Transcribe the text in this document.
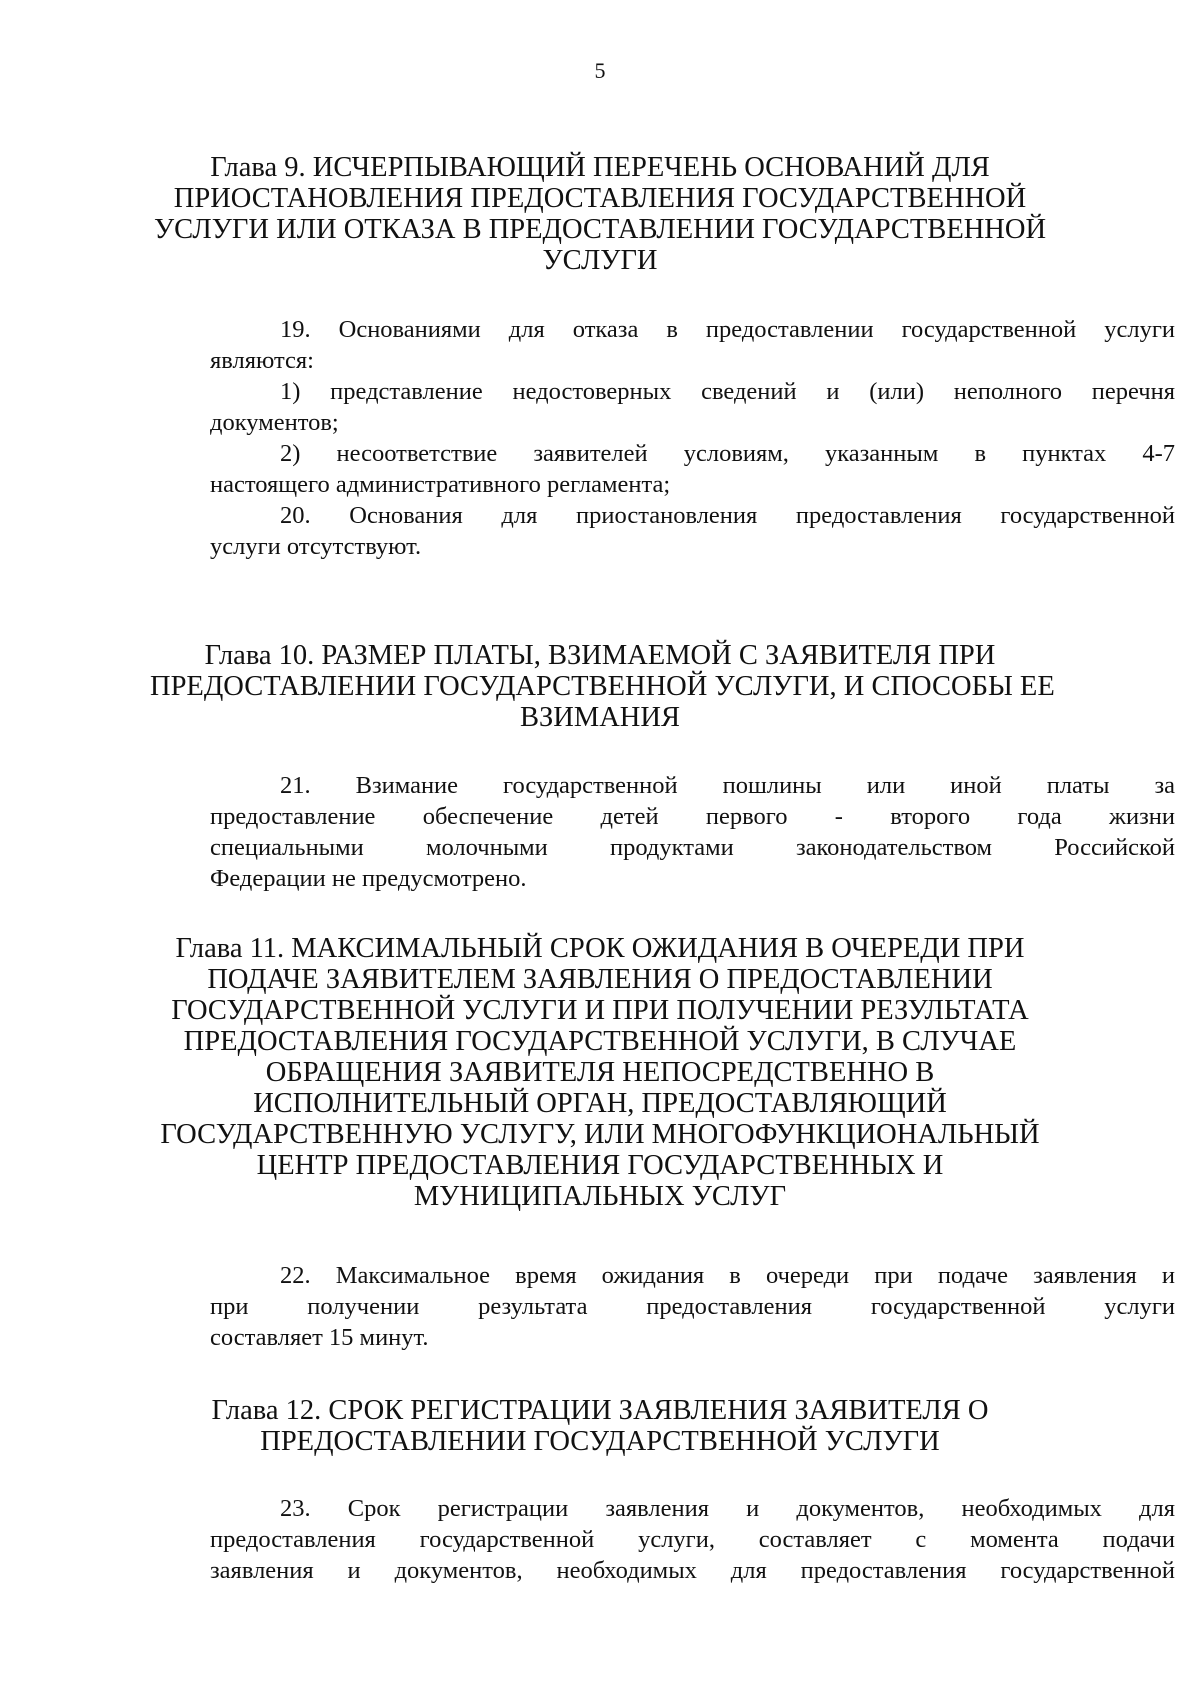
5
Глава 9. ИСЧЕРПЫВАЮЩИЙ ПЕРЕЧЕНЬ ОСНОВАНИЙ ДЛЯ
ПРИОСТАНОВЛЕНИЯ ПРЕДОСТАВЛЕНИЯ ГОСУДАРСТВЕННОЙ
УСЛУГИ ИЛИ ОТКАЗА В ПРЕДОСТАВЛЕНИИ ГОСУДАРСТВЕННОЙ
УСЛУГИ
19. Основаниями для отказа в предоставлении государственной услуги
являются:
1) представление недостоверных сведений и (или) неполного перечня
документов;
2) несоответствие заявителей условиям, указанным в пунктах 4-7
настоящего административного регламента;
20. Основания для приостановления предоставления государственной
услуги отсутствуют.
Глава 10. РАЗМЕР ПЛАТЫ, ВЗИМАЕМОЙ С ЗАЯВИТЕЛЯ ПРИ
ПРЕДОСТАВЛЕНИИ ГОСУДАРСТВЕННОЙ УСЛУГИ, И СПОСОБЫ ЕЕ
ВЗИМАНИЯ
21. Взимание государственной пошлины или иной платы за
предоставление обеспечение детей первого - второго года жизни
специальными молочными продуктами законодательством Российской
Федерации не предусмотрено.
Глава 11. МАКСИМАЛЬНЫЙ СРОК ОЖИДАНИЯ В ОЧЕРЕДИ ПРИ
ПОДАЧЕ ЗАЯВИТЕЛЕМ ЗАЯВЛЕНИЯ О ПРЕДОСТАВЛЕНИИ
ГОСУДАРСТВЕННОЙ УСЛУГИ И ПРИ ПОЛУЧЕНИИ РЕЗУЛЬТАТА
ПРЕДОСТАВЛЕНИЯ ГОСУДАРСТВЕННОЙ УСЛУГИ, В СЛУЧАЕ
ОБРАЩЕНИЯ ЗАЯВИТЕЛЯ НЕПОСРЕДСТВЕННО В
ИСПОЛНИТЕЛЬНЫЙ ОРГАН, ПРЕДОСТАВЛЯЮЩИЙ
ГОСУДАРСТВЕННУЮ УСЛУГУ, ИЛИ МНОГОФУНКЦИОНАЛЬНЫЙ
ЦЕНТР ПРЕДОСТАВЛЕНИЯ ГОСУДАРСТВЕННЫХ И
МУНИЦИПАЛЬНЫХ УСЛУГ
22. Максимальное время ожидания в очереди при подаче заявления и
при получении результата предоставления государственной услуги
составляет 15 минут.
Глава 12. СРОК РЕГИСТРАЦИИ ЗАЯВЛЕНИЯ ЗАЯВИТЕЛЯ О
ПРЕДОСТАВЛЕНИИ ГОСУДАРСТВЕННОЙ УСЛУГИ
23. Срок регистрации заявления и документов, необходимых для
предоставления государственной услуги, составляет с момента подачи
заявления и документов, необходимых для предоставления государственной
